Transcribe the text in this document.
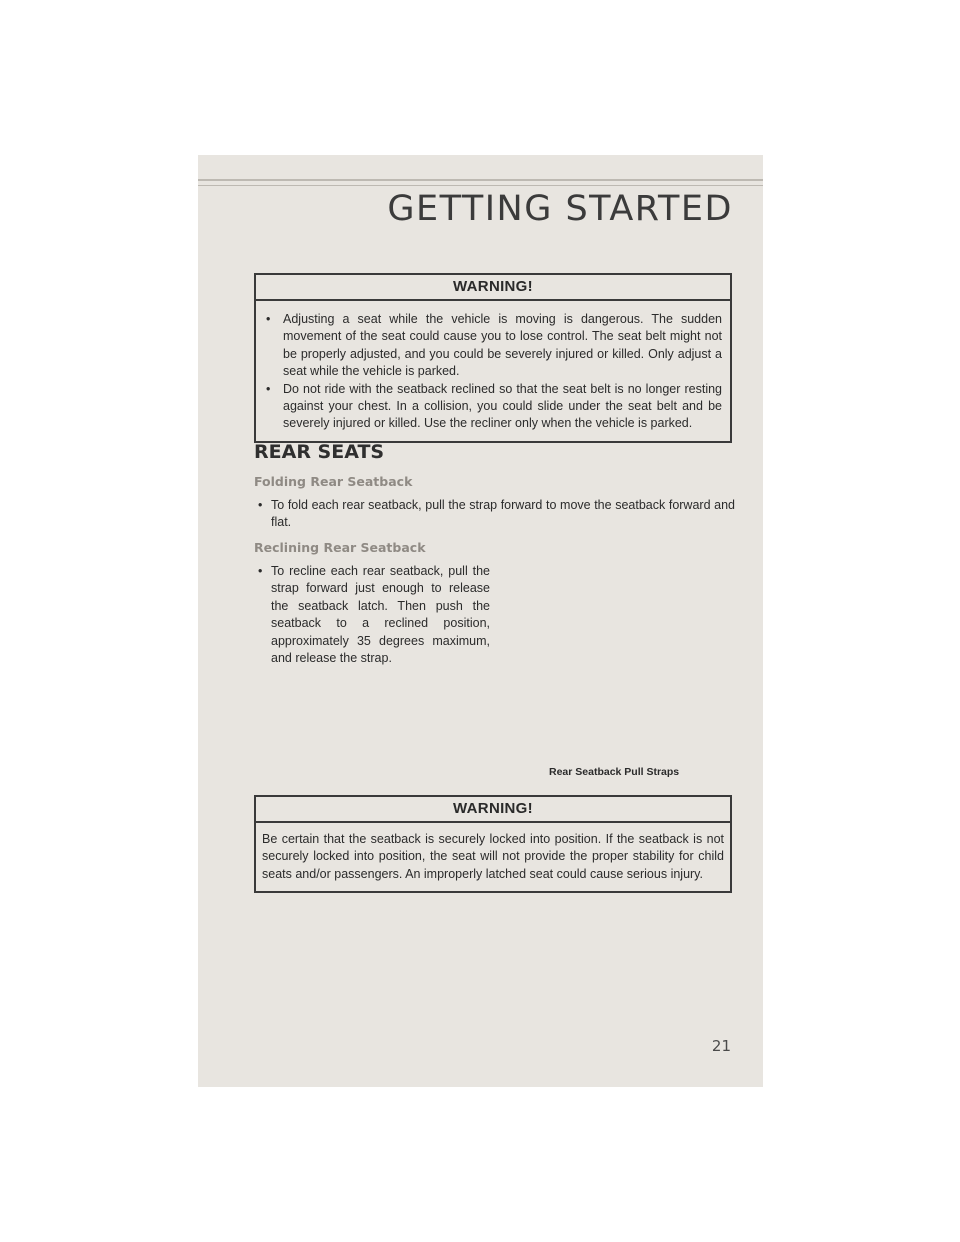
GETTING STARTED
WARNING!
• Adjusting a seat while the vehicle is moving is dangerous. The sudden movement of the seat could cause you to lose control. The seat belt might not be properly adjusted, and you could be severely injured or killed. Only adjust a seat while the vehicle is parked.
• Do not ride with the seatback reclined so that the seat belt is no longer resting against your chest. In a collision, you could slide under the seat belt and be severely injured or killed. Use the recliner only when the vehicle is parked.
REAR SEATS
Folding Rear Seatback
• To fold each rear seatback, pull the strap forward to move the seatback forward and flat.
Reclining Rear Seatback
• To recline each rear seatback, pull the strap forward just enough to release the seatback latch. Then push the seatback to a reclined position, approximately 35 degrees maximum, and release the strap.
Rear Seatback Pull Straps
WARNING!
Be certain that the seatback is securely locked into position. If the seatback is not securely locked into position, the seat will not provide the proper stability for child seats and/or passengers. An improperly latched seat could cause serious injury.
21
